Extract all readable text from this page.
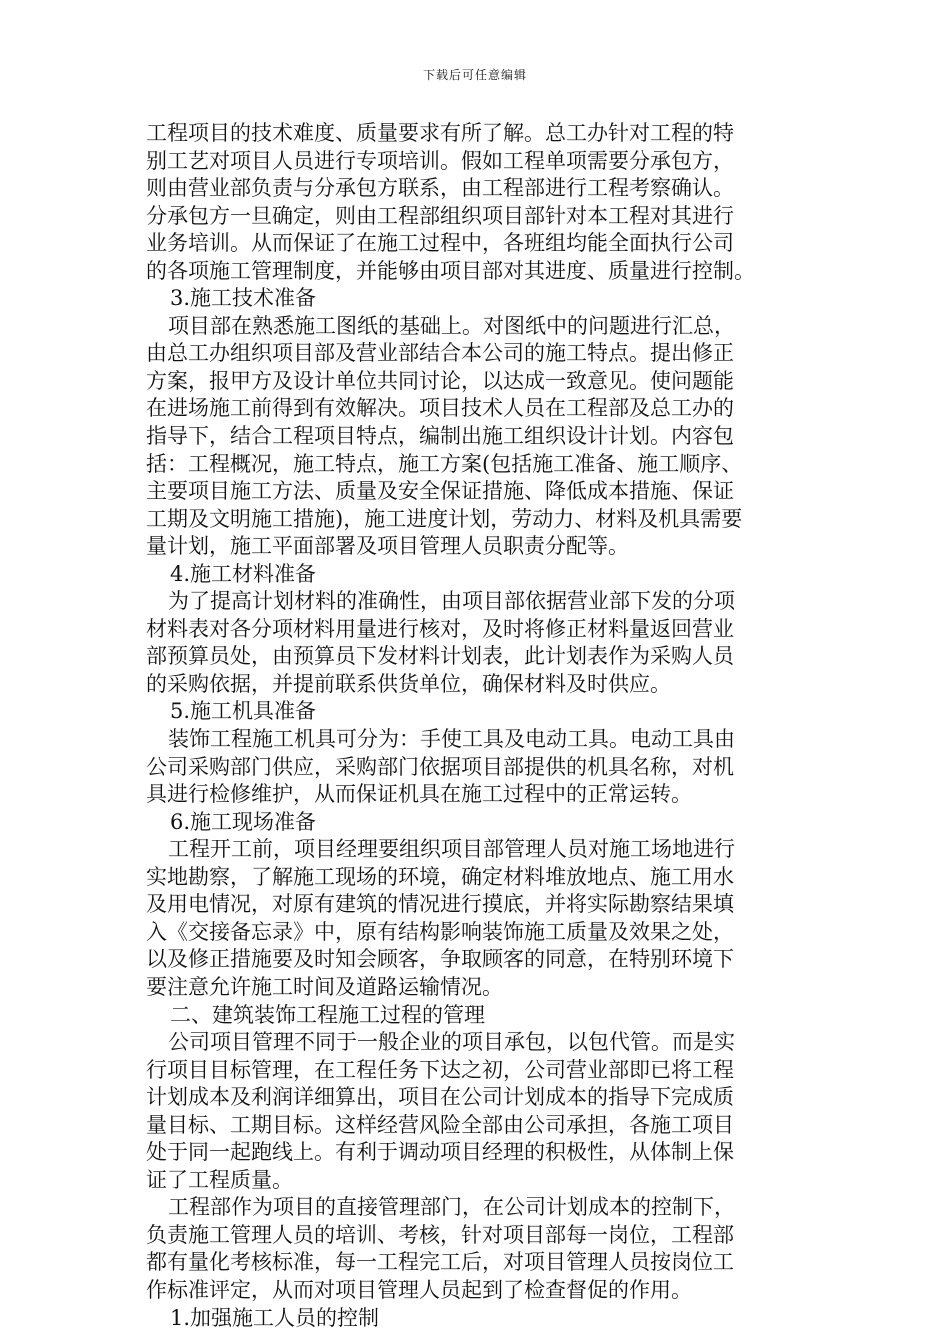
下载后可任意编辑
工程项目的技术难度、质量要求有所了解。总工办针对工程的特
别工艺对项目人员进行专项培训。假如工程单项需要分承包方，
则由营业部负责与分承包方联系，由工程部进行工程考察确认。
分承包方一旦确定，则由工程部组织项目部针对本工程对其进行
业务培训。从而保证了在施工过程中，各班组均能全面执行公司
的各项施工管理制度，并能够由项目部对其进度、质量进行控制。
3.施工技术准备
项目部在熟悉施工图纸的基础上。对图纸中的问题进行汇总，
由总工办组织项目部及营业部结合本公司的施工特点。提出修正
方案，报甲方及设计单位共同讨论，以达成一致意见。使问题能
在进场施工前得到有效解决。项目技术人员在工程部及总工办的
指导下，结合工程项目特点，编制出施工组织设计计划。内容包
括：工程概况，施工特点，施工方案(包括施工准备、施工顺序、
主要项目施工方法、质量及安全保证措施、降低成本措施、保证
工期及文明施工措施)，施工进度计划，劳动力、材料及机具需要
量计划，施工平面部署及项目管理人员职责分配等。
4.施工材料准备
为了提高计划材料的准确性，由项目部依据营业部下发的分项
材料表对各分项材料用量进行核对，及时将修正材料量返回营业
部预算员处，由预算员下发材料计划表，此计划表作为采购人员
的采购依据，并提前联系供货单位，确保材料及时供应。
5.施工机具准备
装饰工程施工机具可分为：手使工具及电动工具。电动工具由
公司采购部门供应，采购部门依据项目部提供的机具名称，对机
具进行检修维护，从而保证机具在施工过程中的正常运转。
6.施工现场准备
工程开工前，项目经理要组织项目部管理人员对施工场地进行
实地勘察，了解施工现场的环境，确定材料堆放地点、施工用水
及用电情况，对原有建筑的情况进行摸底，并将实际勘察结果填
入《交接备忘录》中，原有结构影响装饰施工质量及效果之处，
以及修正措施要及时知会顾客，争取顾客的同意，在特别环境下
要注意允许施工时间及道路运输情况。
二、建筑装饰工程施工过程的管理
公司项目管理不同于一般企业的项目承包，以包代管。而是实
行项目目标管理，在工程任务下达之初，公司营业部即已将工程
计划成本及利润详细算出，项目在公司计划成本的指导下完成质
量目标、工期目标。这样经营风险全部由公司承担，各施工项目
处于同一起跑线上。有利于调动项目经理的积极性，从体制上保
证了工程质量。
工程部作为项目的直接管理部门，在公司计划成本的控制下，
负责施工管理人员的培训、考核，针对项目部每一岗位，工程部
都有量化考核标准，每一工程完工后，对项目管理人员按岗位工
作标准评定，从而对项目管理人员起到了检查督促的作用。
1.加强施工人员的控制
